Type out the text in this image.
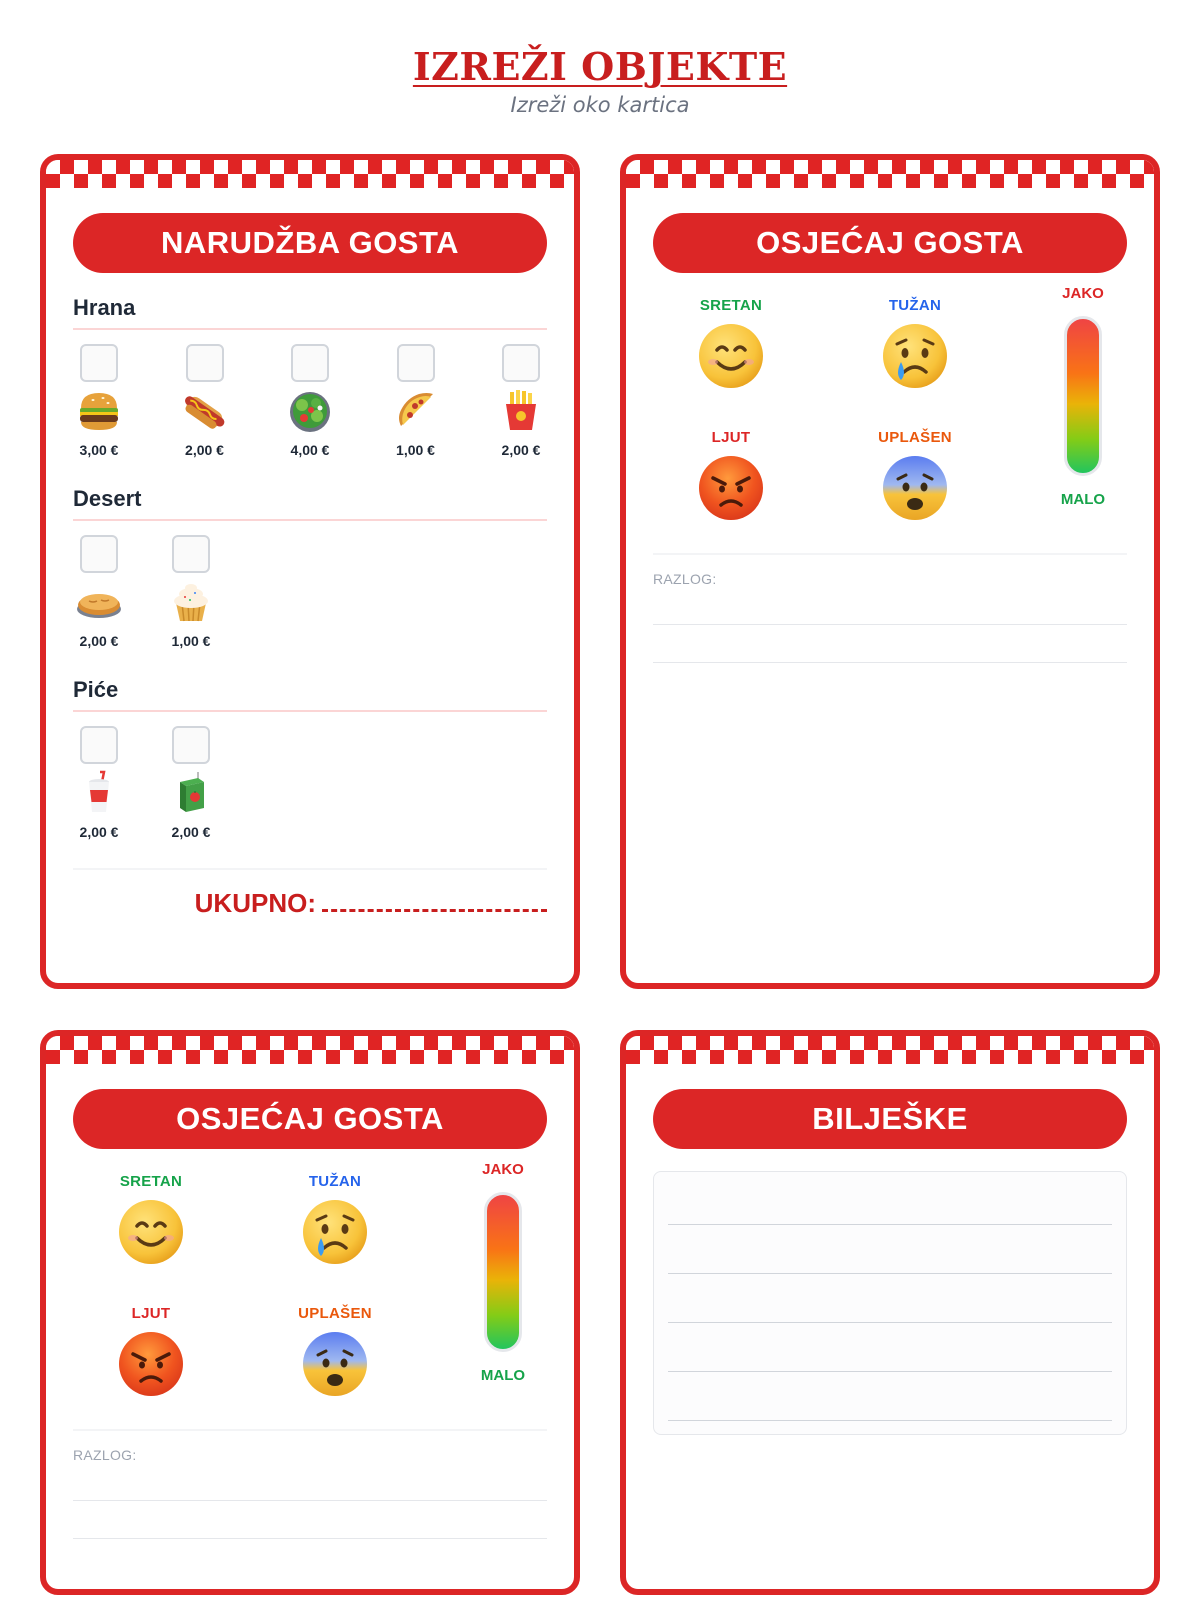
IZREŽI OBJEKTE
Izreži oko kartica
NARUDŽBA GOSTA
Hrana
3,00 €	2,00 €	4,00 €	1,00 €	2,00 €
Desert
2,00 €	1,00 €
Piće
2,00 €	2,00 €
UKUPNO:
OSJEĆAJ GOSTA
SRETAN	TUŽAN
LJUT	UPLAŠEN
JAKO
MALO
RAZLOG:
OSJEĆAJ GOSTA
SRETAN	TUŽAN
LJUT	UPLAŠEN
JAKO
MALO
RAZLOG:
BILJEŠKE
